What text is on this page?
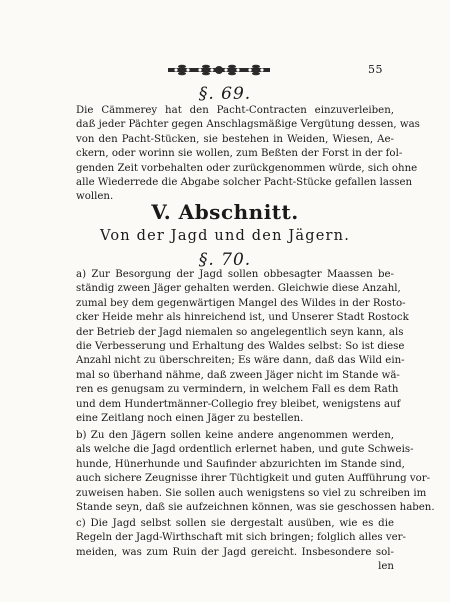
55
§. 69.
Die Cämmerey hat den Pacht-Contracten einzuverleiben,
daß jeder Pächter gegen Anschlagsmäßige Vergütung dessen, was
von den Pacht-Stücken, sie bestehen in Weiden, Wiesen, Ae-
ckern, oder worinn sie wollen, zum Beßten der Forst in der fol-
genden Zeit vorbehalten oder zurückgenommen würde, sich ohne
alle Wiederrede die Abgabe solcher Pacht-Stücke gefallen lassen
wollen.
V. Abschnitt.
Von der Jagd und den Jägern.
§. 70.
a) Zur Besorgung der Jagd sollen obbesagter Maassen be-
ständig zween Jäger gehalten werden. Gleichwie diese Anzahl,
zumal bey dem gegenwärtigen Mangel des Wildes in der Rosto-
cker Heide mehr als hinreichend ist, und Unserer Stadt Rostock
der Betrieb der Jagd niemalen so angelegentlich seyn kann, als
die Verbesserung und Erhaltung des Waldes selbst: So ist diese
Anzahl nicht zu überschreiten; Es wäre dann, daß das Wild ein-
mal so überhand nähme, daß zween Jäger nicht im Stande wä-
ren es genugsam zu vermindern, in welchem Fall es dem Rath
und dem Hundertmänner-Collegio frey bleibet, wenigstens auf
eine Zeitlang noch einen Jäger zu bestellen.
b) Zu den Jägern sollen keine andere angenommen werden,
als welche die Jagd ordentlich erlernet haben, und gute Schweis-
hunde, Hünerhunde und Saufinder abzurichten im Stande sind,
auch sichere Zeugnisse ihrer Tüchtigkeit und guten Aufführung vor-
zuweisen haben. Sie sollen auch wenigstens so viel zu schreiben im
Stande seyn, daß sie aufzeichnen können, was sie geschossen haben.
c) Die Jagd selbst sollen sie dergestalt ausüben, wie es die
Regeln der Jagd-Wirthschaft mit sich bringen; folglich alles ver-
meiden, was zum Ruin der Jagd gereicht. Insbesondere sol-
len
